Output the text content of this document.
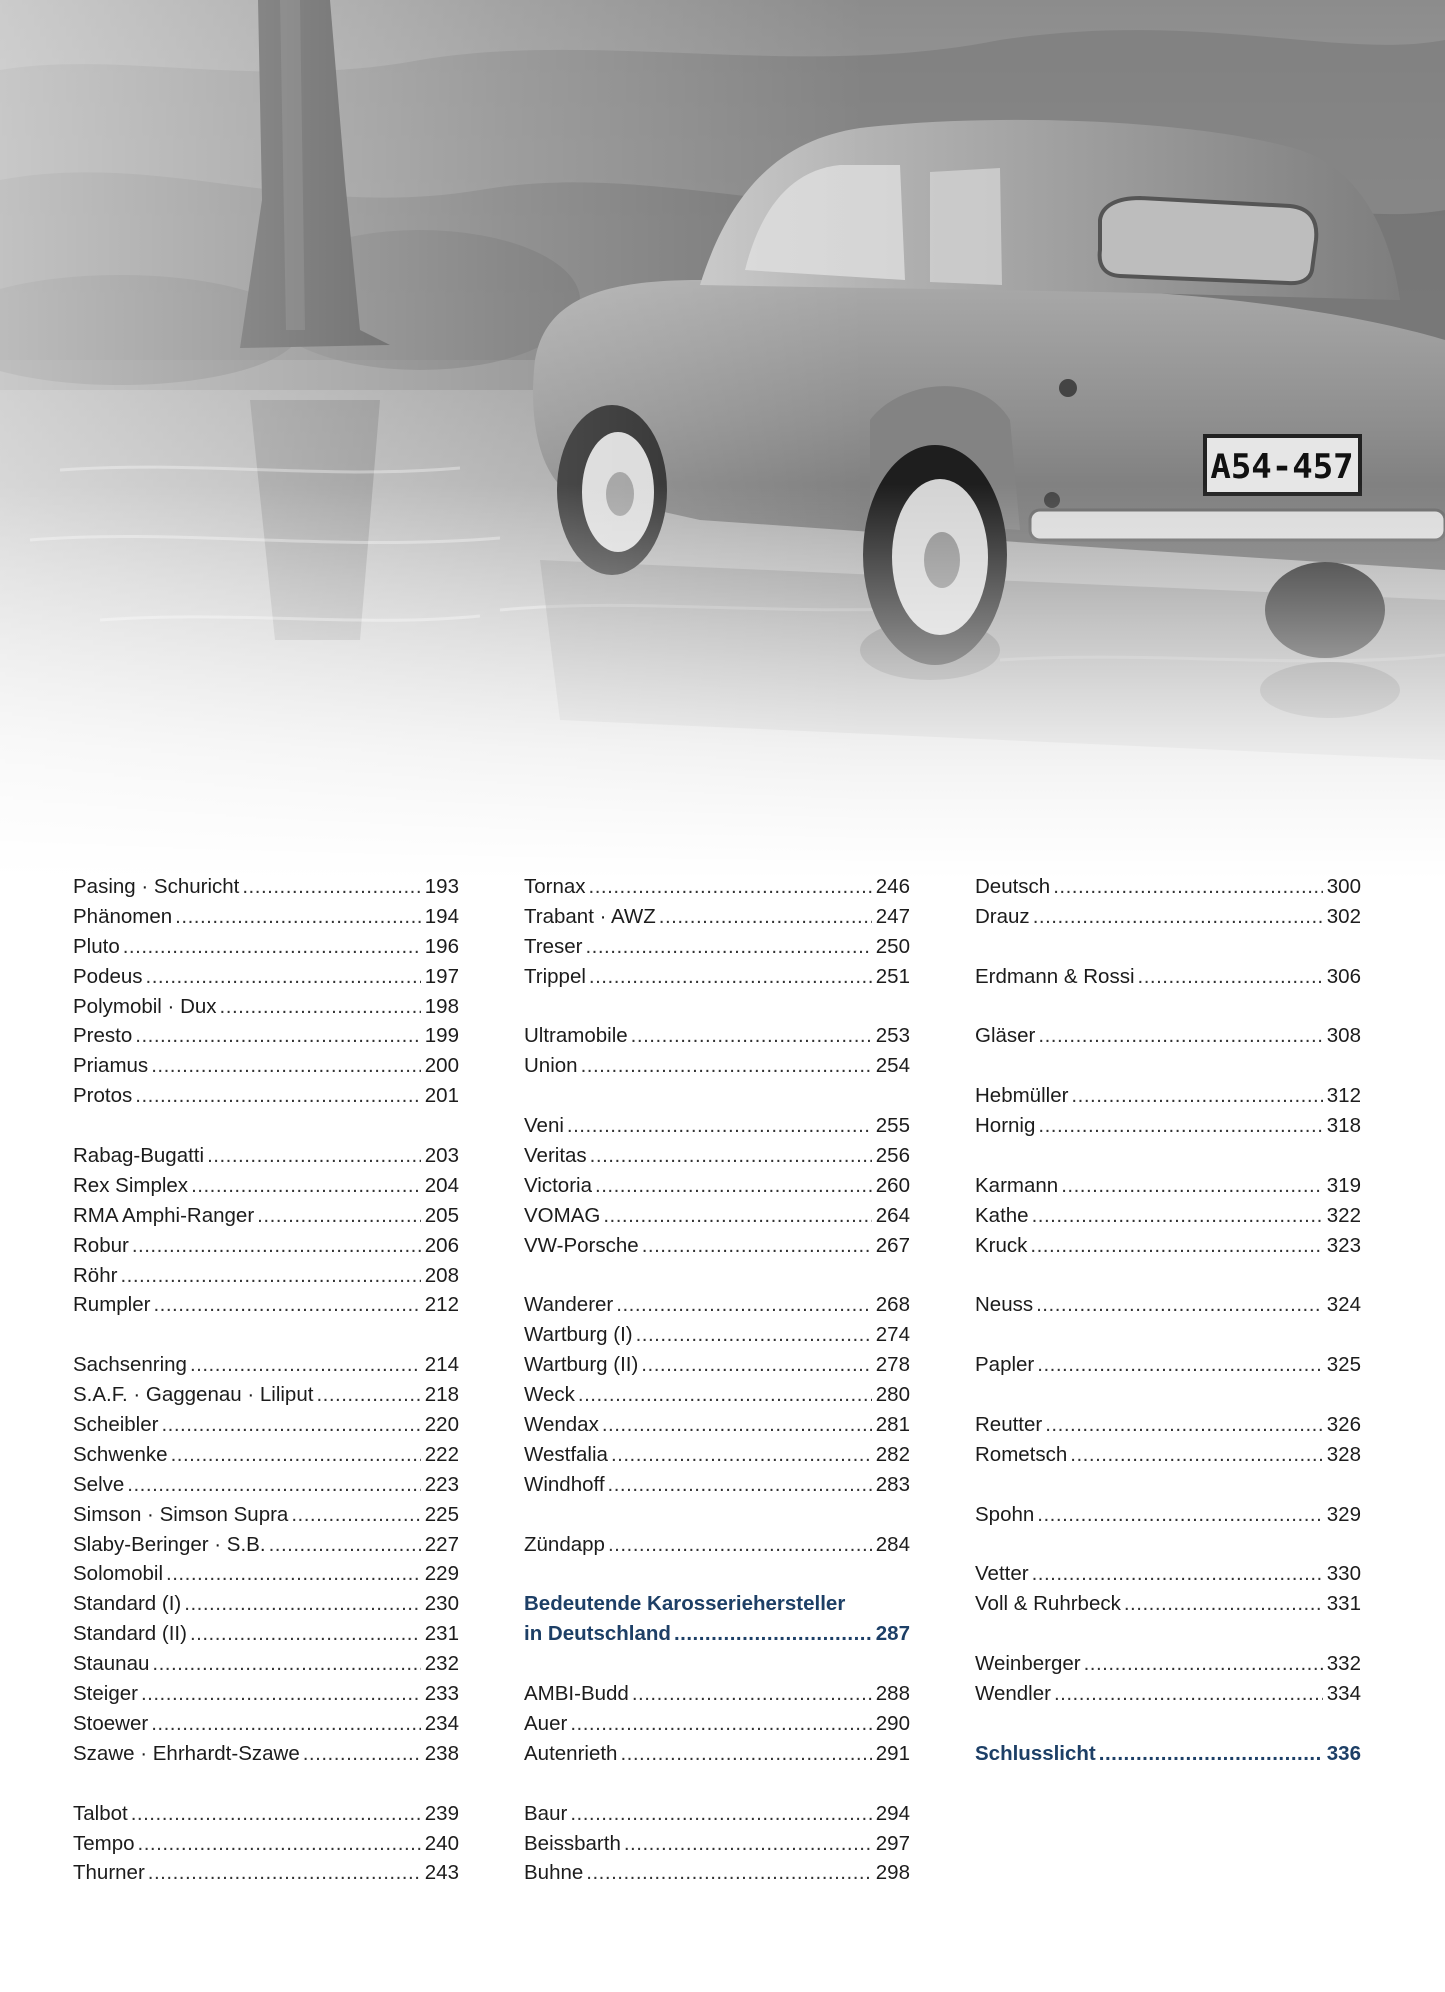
Pasing · Schuricht .....	193
Phänomen .....	194
Pluto .....	196
Podeus .....	197
Polymobil · Dux .....	198
Presto .....	199
Priamus .....	200
Protos .....	201
Rabag-Bugatti .....	203
Rex Simplex .....	204
RMA Amphi-Ranger .....	205
Robur .....	206
Röhr .....	208
Rumpler .....	212
Sachsenring .....	214
S.A.F. · Gaggenau · Liliput .....	218
Scheibler .....	220
Schwenke .....	222
Selve .....	223
Simson · Simson Supra .....	225
Slaby-Beringer · S.B. .....	227
Solomobil .....	229
Standard (I) .....	230
Standard (II) .....	231
Staunau .....	232
Steiger .....	233
Stoewer .....	234
Szawe · Ehrhardt-Szawe .....	238
Talbot .....	239
Tempo .....	240
Thurner .....	243
Tornax .....	246
Trabant · AWZ .....	247
Treser .....	250
Trippel .....	251
Ultramobile .....	253
Union .....	254
Veni .....	255
Veritas .....	256
Victoria .....	260
VOMAG .....	264
VW-Porsche .....	267
Wanderer .....	268
Wartburg (I) .....	274
Wartburg (II) .....	278
Weck .....	280
Wendax .....	281
Westfalia .....	282
Windhoff .....	283
Zündapp .....	284
Bedeutende Karosseriehersteller
in Deutschland .....	287
AMBI-Budd .....	288
Auer .....	290
Autenrieth .....	291
Baur .....	294
Beissbarth .....	297
Buhne .....	298
Deutsch .....	300
Drauz .....	302
Erdmann & Rossi .....	306
Gläser .....	308
Hebmüller .....	312
Hornig .....	318
Karmann .....	319
Kathe .....	322
Kruck .....	323
Neuss .....	324
Papler .....	325
Reutter .....	326
Rometsch .....	328
Spohn .....	329
Vetter .....	330
Voll & Ruhrbeck .....	331
Weinberger .....	332
Wendler .....	334
Schlusslicht .....	336
